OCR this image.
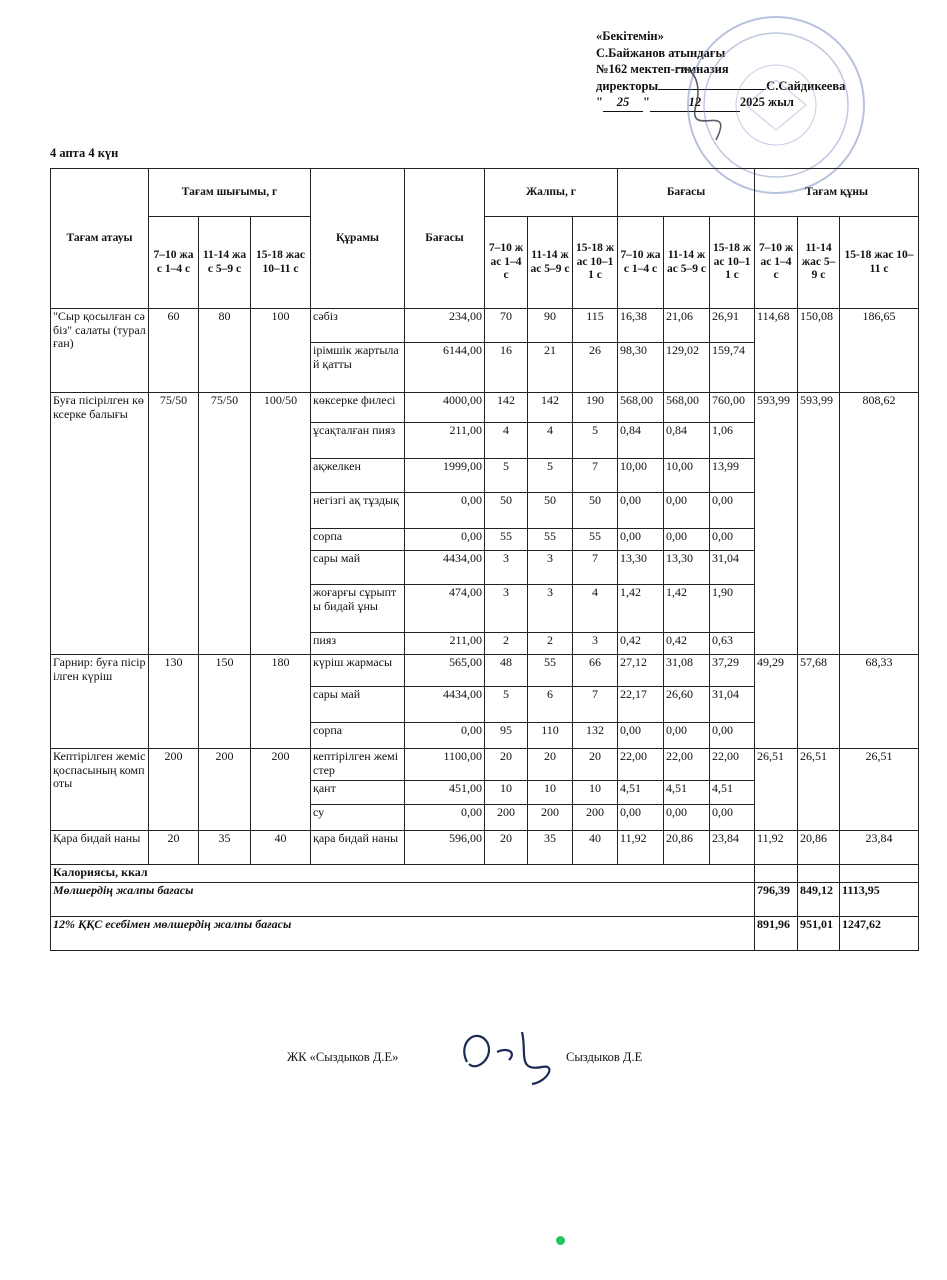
«Бекітемін»
С.Байжанов атындағы
№162 мектеп-гимназия
директоры	С.Сайдикеева
" 25 "	12	2025 жыл
4 апта 4 күн
Тағам атауы	Тағам шығымы, г			Құрамы	Бағасы	Жалпы, г			Бағасы			Тағам құны		
	7–10 жас 1–4 с	11-14 жас 5–9 с	15-18 жас 10–11 с			7–10 жас 1–4 с	11-14 жас 5–9 с	15-18 жас 10–11 с	7–10 жас 1–4 с	11-14 жас 5–9 с	15-18 жас 10–11 с	7–10 жас 1–4 с	11-14 жас 5–9 с	15-18 жас 10–11 с
"Сыр қосылған сәбіз" салаты (туралған)	60	80	100	сәбіз	234,00	70	90	115	16,38	21,06	26,91	114,68	150,08	186,65
				ірімшік жартылай қатты	6144,00	16	21	26	98,30	129,02	159,74			
Буға пісірілген көксерке балығы	75/50	75/50	100/50	көксерке филесі	4000,00	142	142	190	568,00	568,00	760,00	593,99	593,99	808,62
				ұсақталған пияз	211,00	4	4	5	0,84	0,84	1,06			
				ақжелкен	1999,00	5	5	7	10,00	10,00	13,99			
				негізгі ақ тұздық	0,00	50	50	50	0,00	0,00	0,00			
				сорпа	0,00	55	55	55	0,00	0,00	0,00			
				сары май	4434,00	3	3	7	13,30	13,30	31,04			
				жоғарғы сұрыпты бидай ұны	474,00	3	3	4	1,42	1,42	1,90			
				пияз	211,00	2	2	3	0,42	0,42	0,63			
Гарнир: буға пісірілген күріш	130	150	180	күріш жармасы	565,00	48	55	66	27,12	31,08	37,29	49,29	57,68	68,33
				сары май	4434,00	5	6	7	22,17	26,60	31,04			
				сорпа	0,00	95	110	132	0,00	0,00	0,00			
Кептірілген жеміс қоспасының компоты	200	200	200	кептірілген жемістер	1100,00	20	20	20	22,00	22,00	22,00	26,51	26,51	26,51
				қант	451,00	10	10	10	4,51	4,51	4,51			
				су	0,00	200	200	200	0,00	0,00	0,00			
Қара бидай наны	20	35	40	қара бидай наны	596,00	20	35	40	11,92	20,86	23,84	11,92	20,86	23,84
Калориясы, ккал														
Мөлшердің жалпы бағасы												796,39	849,12	1113,95
12% ҚҚС есебімен мөлшердің жалпы бағасы												891,96	951,01	1247,62
ЖК «Сыздыков Д.Е»	Сыздыков Д.Е
